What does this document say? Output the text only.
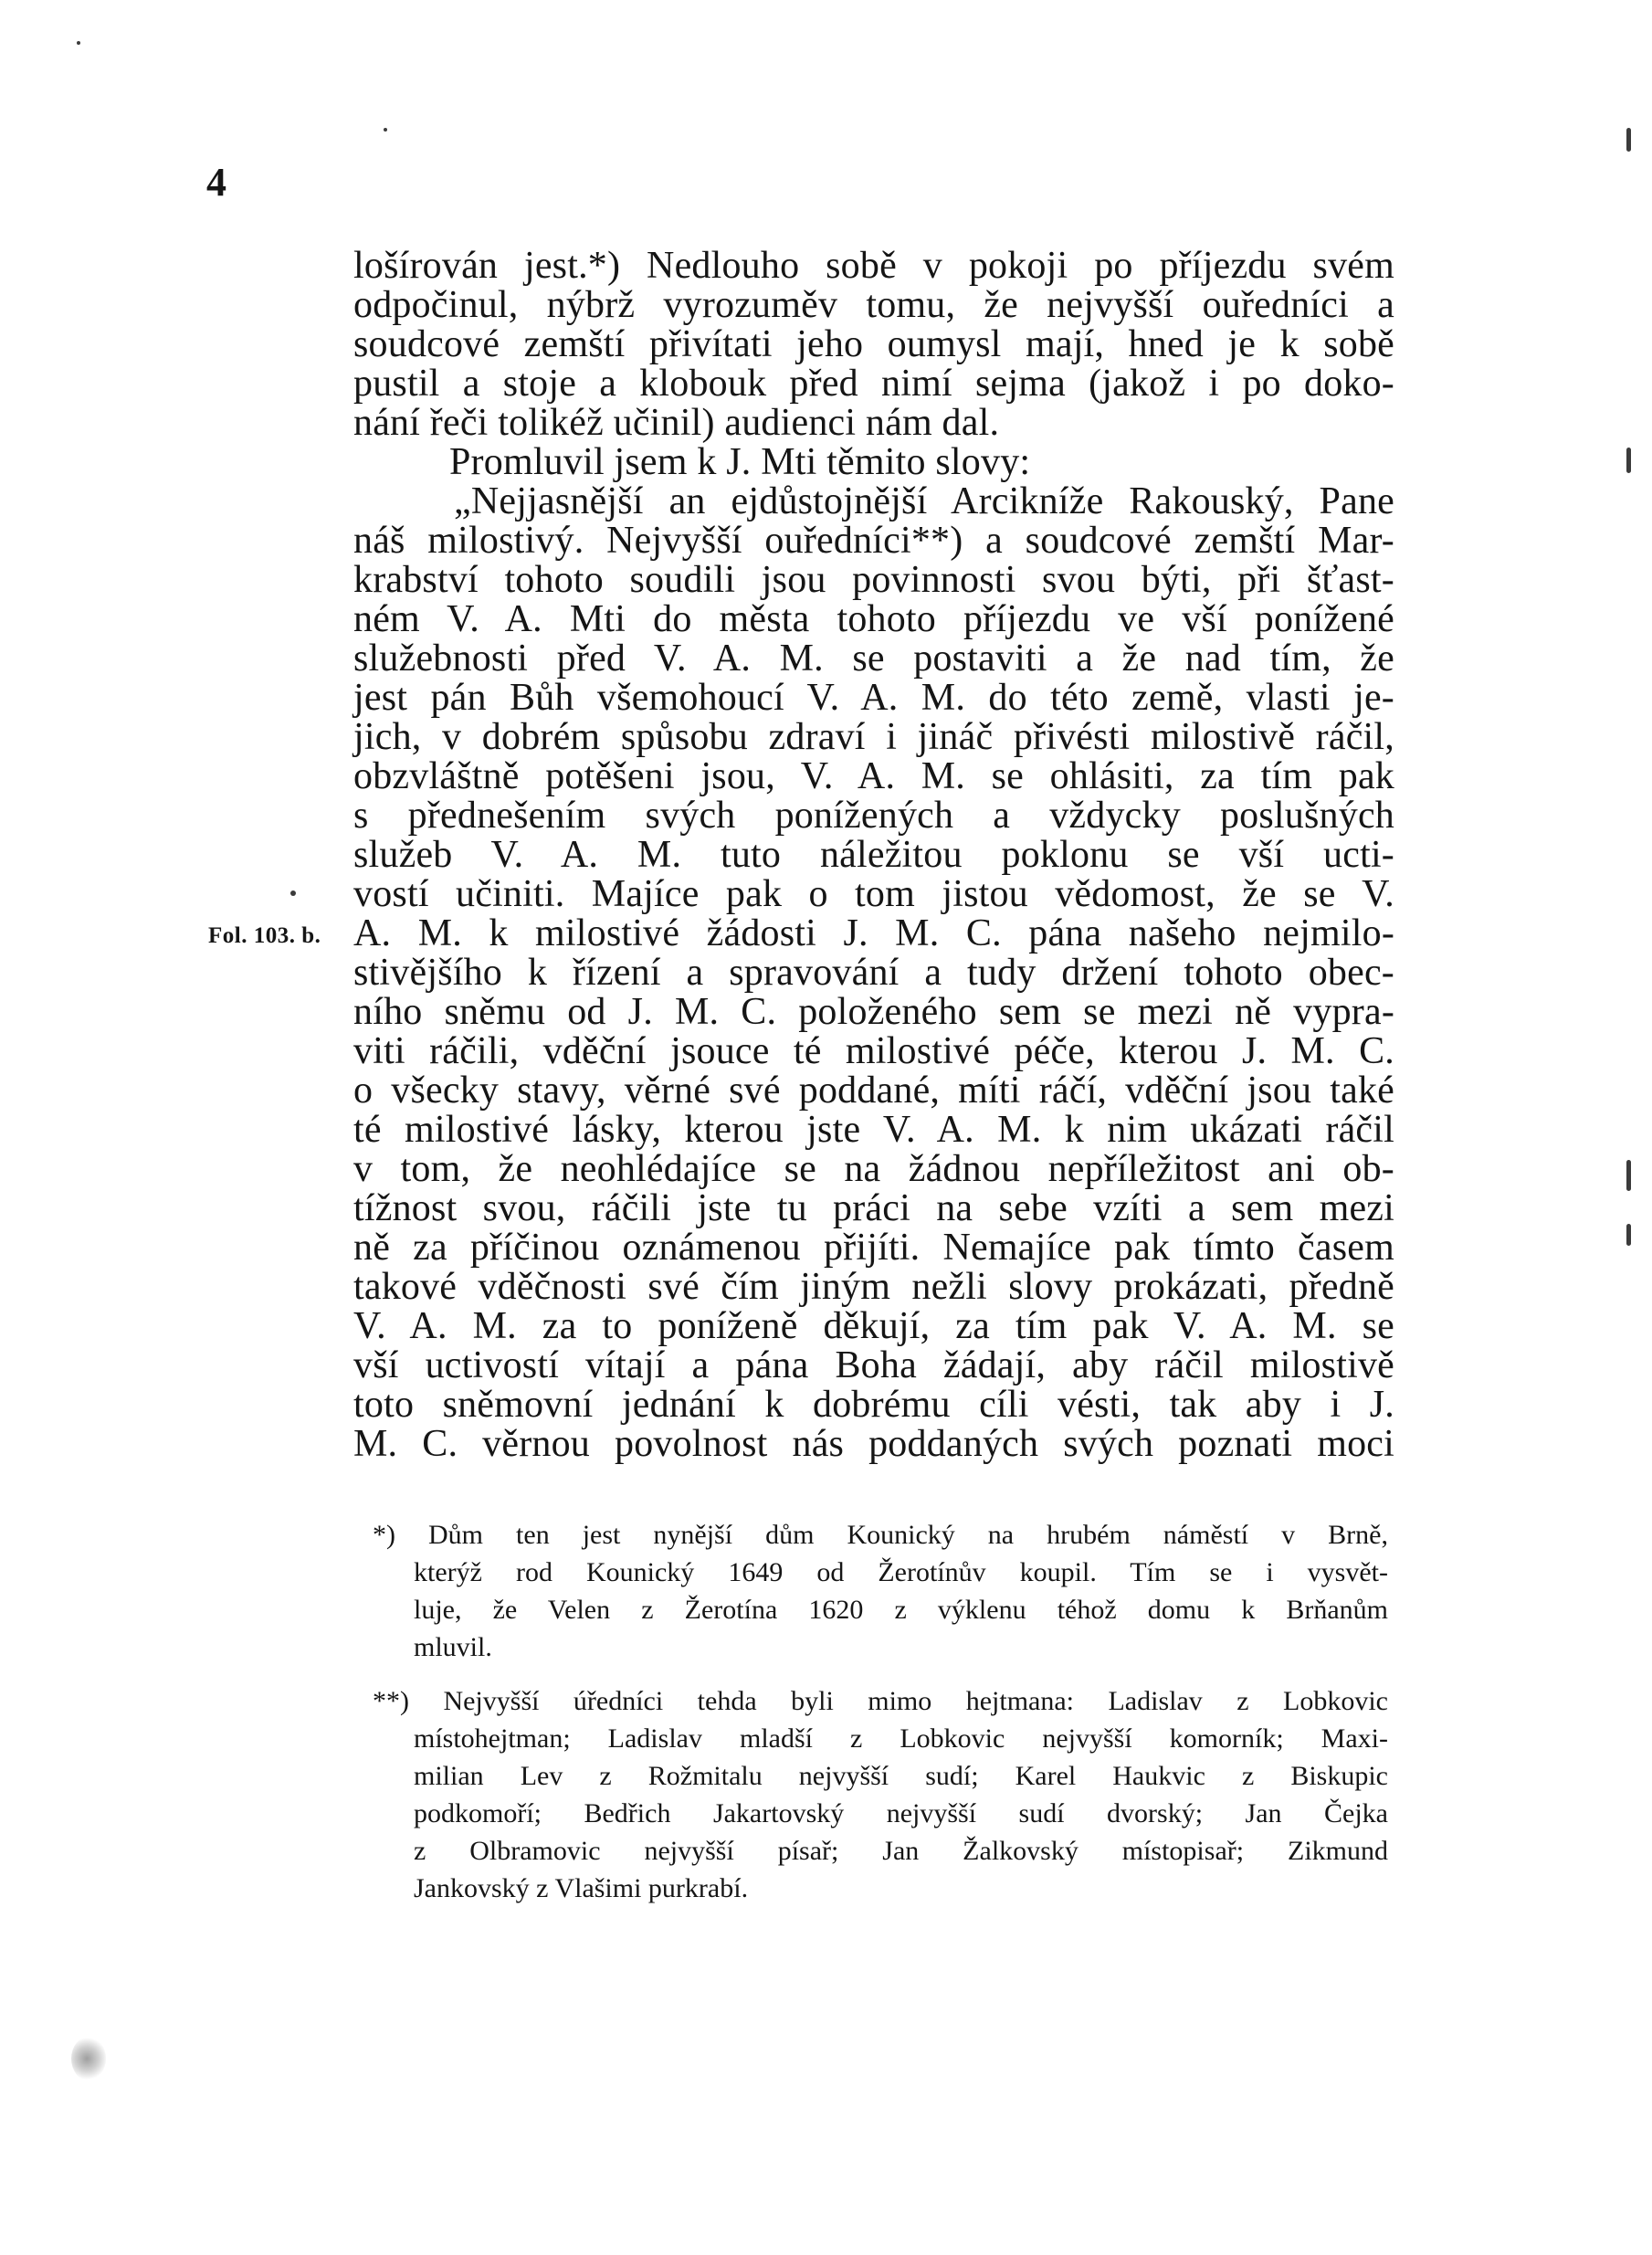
4
Fol. 103. b.
lošírován jest.*) Nedlouho sobě v pokoji po příjezdu svém
odpočinul, nýbrž vyrozuměv tomu, že nejvyšší ouředníci a
soudcové zemští přivítati jeho oumysl mají, hned je k sobě
pustil a stoje a klobouk před nimí sejma (jakož i po doko-
nání řeči tolikéž učinil) audienci nám dal.
Promluvil jsem k J. Mti těmito slovy:
„Nejjasnější an ejdůstojnější Arcikníže Rakouský, Pane
náš milostivý. Nejvyšší ouředníci**) a soudcové zemští Mar-
krabství tohoto soudili jsou povinnosti svou býti, při šťast-
ném V. A. Mti do města tohoto příjezdu ve vší ponížené
služebnosti před V. A. M. se postaviti a že nad tím, že
jest pán Bůh všemohoucí V. A. M. do této země, vlasti je-
jich, v dobrém spůsobu zdraví i jináč přivésti milostivě ráčil,
obzvláštně potěšeni jsou, V. A. M. se ohlásiti, za tím pak
s přednešením svých ponížených a vždycky poslušných
služeb V. A. M. tuto náležitou poklonu se vší ucti-
vostí učiniti. Majíce pak o tom jistou vědomost, že se V.
A. M. k milostivé žádosti J. M. C. pána našeho nejmilo-
stivějšího k řízení a spravování a tudy držení tohoto obec-
ního sněmu od J. M. C. položeného sem se mezi ně vypra-
viti ráčili, vděční jsouce té milostivé péče, kterou J. M. C.
o všecky stavy, věrné své poddané, míti ráčí, vděční jsou také
té milostivé lásky, kterou jste V. A. M. k nim ukázati ráčil
v tom, že neohlédajíce se na žádnou nepříležitost ani ob-
tížnost svou, ráčili jste tu práci na sebe vzíti a sem mezi
ně za příčinou oznámenou přijíti. Nemajíce pak tímto časem
takové vděčnosti své čím jiným nežli slovy prokázati, předně
V. A. M. za to poníženě děkují, za tím pak V. A. M. se
vší uctivostí vítají a pána Boha žádají, aby ráčil milostivě
toto sněmovní jednání k dobrému cíli vésti, tak aby i J.
M. C. věrnou povolnost nás poddaných svých poznati moci
*) Dům ten jest nynější dům Kounický na hrubém náměstí v Brně,
kterýž rod Kounický 1649 od Žerotínův koupil. Tím se i vysvět-
luje, že Velen z Žerotína 1620 z výklenu téhož domu k Brňanům
mluvil.
**) Nejvyšší úředníci tehda byli mimo hejtmana: Ladislav z Lobkovic
místohejtman; Ladislav mladší z Lobkovic nejvyšší komorník; Maxi-
milian Lev z Rožmitalu nejvyšší sudí; Karel Haukvic z Biskupic
podkomoří; Bedřich Jakartovský nejvyšší sudí dvorský; Jan Čejka
z Olbramovic nejvyšší písař; Jan Žalkovský místopisař; Zikmund
Jankovský z Vlašimi purkrabí.
